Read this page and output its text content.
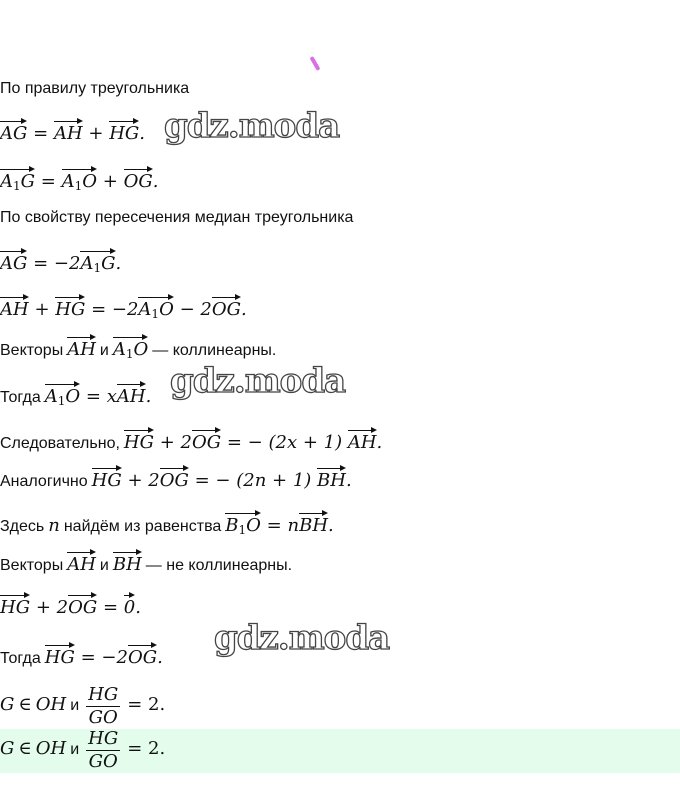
По правилу треугольника
AG = AH + HG.
$A_1G = A_1O$ + OG.
По свойству пересечения медиан треугольника
AG = $-2A_1G$.
AH + HG = $-2A_1O - 2OG$.
Векторы AH и $A_1O$ — коллинеарны.
Тогда $A_1O$ = xAH.
Следовательно, HG + 2OG = − (2x + 1) AH.
Аналогично HG + 2OG = − (2n + 1) BH.
Здесь n найдём из равенства $B_1O$ = nBH.
Векторы AH и BH — не коллинеарны.
HG + 2OG = 0.
Тогда HG = −2OG.
G ∈ OH и $\frac{HG}{GO} = 2$.
G ∈ OH и $\frac{HG}{GO} = 2$.
gdz.moda
gdz.moda
gdz.moda
